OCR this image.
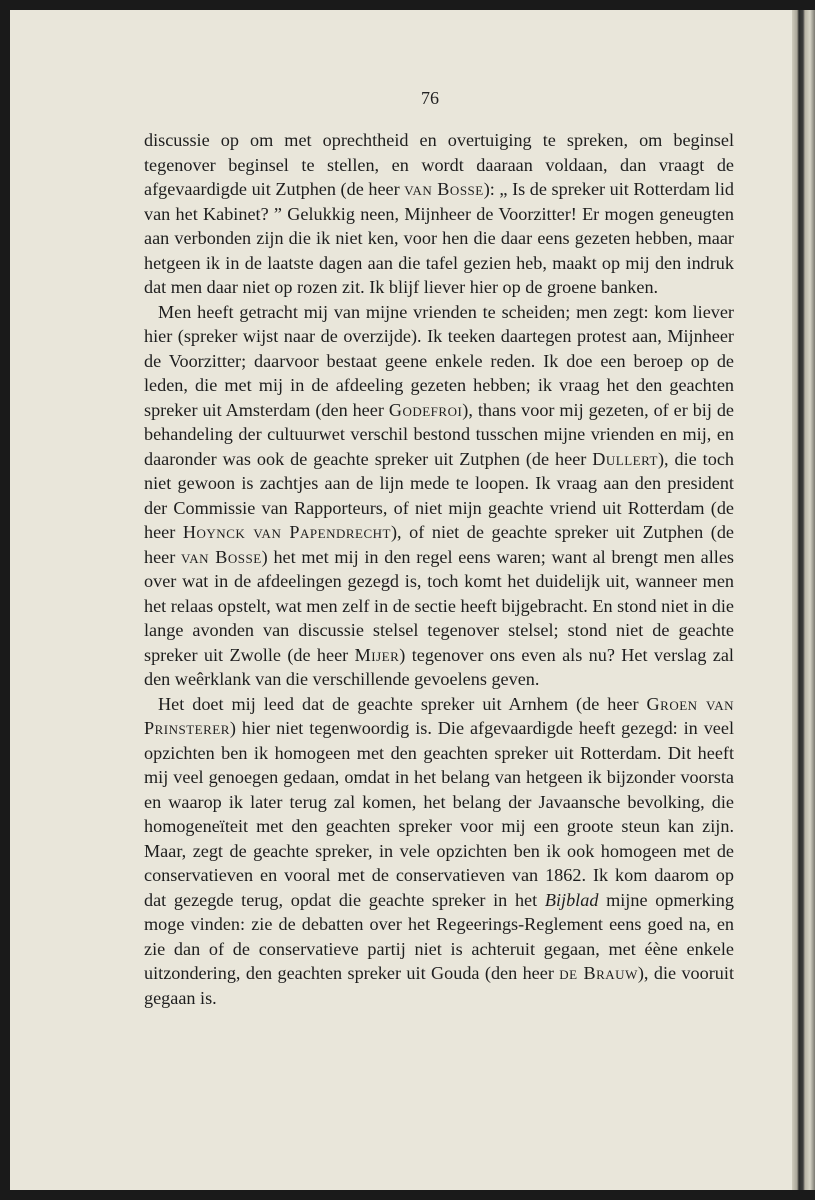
76

discussie op om met oprechtheid en overtuiging te spreken, om beginsel tegenover beginsel te stellen, en wordt daaraan voldaan, dan vraagt de afgevaardigde uit Zutphen (de heer van Bosse): „ Is de spreker uit Rotterdam lid van het Kabinet? ” Gelukkig neen, Mijnheer de Voorzitter! Er mogen geneugten aan verbonden zijn die ik niet ken, voor hen die daar eens gezeten hebben, maar hetgeen ik in de laatste dagen aan die tafel gezien heb, maakt op mij den indruk dat men daar niet op rozen zit. Ik blijf liever hier op de groene banken.

Men heeft getracht mij van mijne vrienden te scheiden; men zegt: kom liever hier (spreker wijst naar de overzijde). Ik teeken daartegen protest aan, Mijnheer de Voorzitter; daarvoor bestaat geene enkele reden. Ik doe een beroep op de leden, die met mij in de afdeeling gezeten hebben; ik vraag het den geachten spreker uit Amsterdam (den heer Godefroi), thans voor mij gezeten, of er bij de behandeling der cultuurwet verschil bestond tusschen mijne vrienden en mij, en daaronder was ook de geachte spreker uit Zutphen (de heer Dullert), die toch niet gewoon is zachtjes aan de lijn mede te loopen. Ik vraag aan den president der Commissie van Rapporteurs, of niet mijn geachte vriend uit Rotterdam (de heer Hoynck van Papendrecht), of niet de geachte spreker uit Zutphen (de heer van Bosse) het met mij in den regel eens waren; want al brengt men alles over wat in de afdeelingen gezegd is, toch komt het duidelijk uit, wanneer men het relaas opstelt, wat men zelf in de sectie heeft bijgebracht. En stond niet in die lange avonden van discussie stelsel tegenover stelsel; stond niet de geachte spreker uit Zwolle (de heer Mijer) tegenover ons even als nu? Het verslag zal den weêrklank van die verschillende gevoelens geven.

Het doet mij leed dat de geachte spreker uit Arnhem (de heer Groen van Prinsterer) hier niet tegenwoordig is. Die afgevaardigde heeft gezegd: in veel opzichten ben ik homogeen met den geachten spreker uit Rotterdam. Dit heeft mij veel genoegen gedaan, omdat in het belang van hetgeen ik bijzonder voorsta en waarop ik later terug zal komen, het belang der Javaansche bevolking, die homogeneïteit met den geachten spreker voor mij een groote steun kan zijn. Maar, zegt de geachte spreker, in vele opzichten ben ik ook homogeen met de conservatieven en vooral met de conservatieven van 1862. Ik kom daarom op dat gezegde terug, opdat die geachte spreker in het Bijblad mijne opmerking moge vinden: zie de debatten over het Regeerings-Reglement eens goed na, en zie dan of de conservatieve partij niet is achteruit gegaan, met éène enkele uitzondering, den geachten spreker uit Gouda (den heer de Brauw), die vooruit gegaan is.
